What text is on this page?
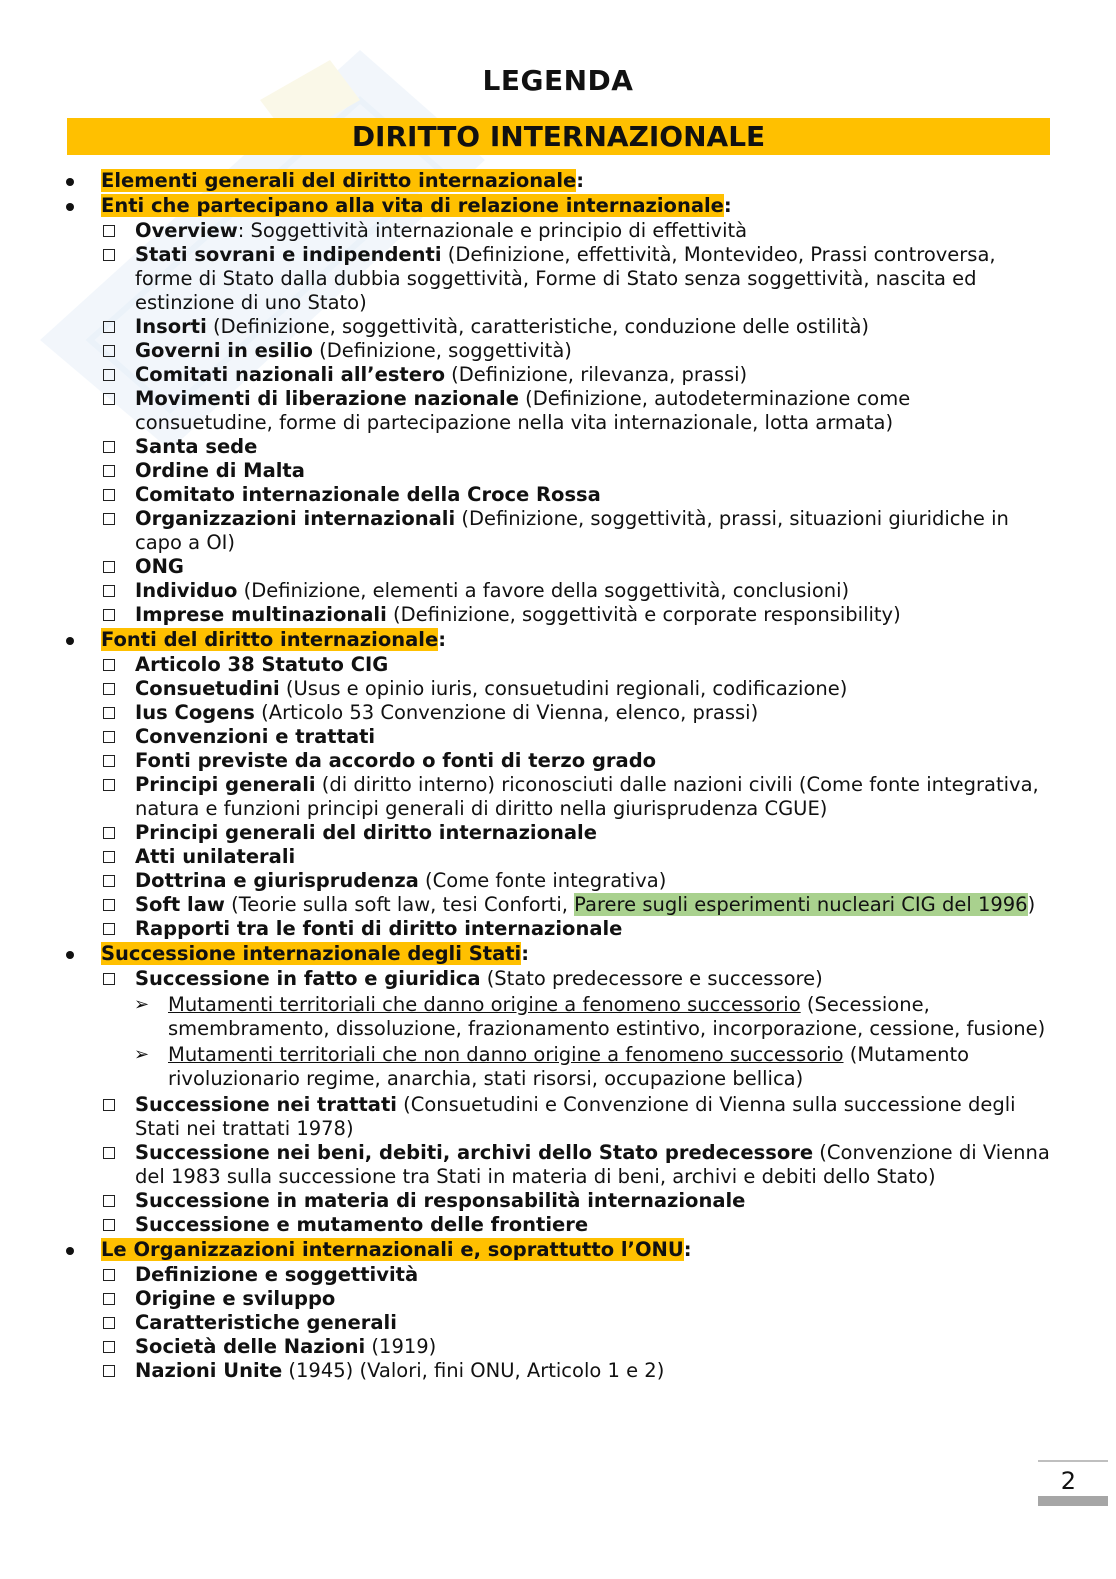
LEGENDA
DIRITTO INTERNAZIONALE
Elementi generali del diritto internazionale:
Enti che partecipano alla vita di relazione internazionale:
Overview: Soggettività internazionale e principio di effettività
Stati sovrani e indipendenti (Definizione, effettività, Montevideo, Prassi controversa, forme di Stato dalla dubbia soggettività, Forme di Stato senza soggettività, nascita ed estinzione di uno Stato)
Insorti (Definizione, soggettività, caratteristiche, conduzione delle ostilità)
Governi in esilio (Definizione, soggettività)
Comitati nazionali all’estero (Definizione, rilevanza, prassi)
Movimenti di liberazione nazionale (Definizione, autodeterminazione come consuetudine, forme di partecipazione nella vita internazionale, lotta armata)
Santa sede
Ordine di Malta
Comitato internazionale della Croce Rossa
Organizzazioni internazionali (Definizione, soggettività, prassi, situazioni giuridiche in capo a OI)
ONG
Individuo (Definizione, elementi a favore della soggettività, conclusioni)
Imprese multinazionali (Definizione, soggettività e corporate responsibility)
Fonti del diritto internazionale:
Articolo 38 Statuto CIG
Consuetudini (Usus e opinio iuris, consuetudini regionali, codificazione)
Ius Cogens (Articolo 53 Convenzione di Vienna, elenco, prassi)
Convenzioni e trattati
Fonti previste da accordo o fonti di terzo grado
Principi generali (di diritto interno) riconosciuti dalle nazioni civili (Come fonte integrativa, natura e funzioni principi generali di diritto nella giurisprudenza CGUE)
Principi generali del diritto internazionale
Atti unilaterali
Dottrina e giurisprudenza (Come fonte integrativa)
Soft law (Teorie sulla soft law, tesi Conforti, Parere sugli esperimenti nucleari CIG del 1996)
Rapporti tra le fonti di diritto internazionale
Successione internazionale degli Stati:
Successione in fatto e giuridica (Stato predecessore e successore)
➢ Mutamenti territoriali che danno origine a fenomeno successorio (Secessione, smembramento, dissoluzione, frazionamento estintivo, incorporazione, cessione, fusione)
➢ Mutamenti territoriali che non danno origine a fenomeno successorio (Mutamento rivoluzionario regime, anarchia, stati risorsi, occupazione bellica)
Successione nei trattati (Consuetudini e Convenzione di Vienna sulla successione degli Stati nei trattati 1978)
Successione nei beni, debiti, archivi dello Stato predecessore (Convenzione di Vienna del 1983 sulla successione tra Stati in materia di beni, archivi e debiti dello Stato)
Successione in materia di responsabilità internazionale
Successione e mutamento delle frontiere
Le Organizzazioni internazionali e, soprattutto l’ONU:
Definizione e soggettività
Origine e sviluppo
Caratteristiche generali
Società delle Nazioni (1919)
Nazioni Unite (1945) (Valori, fini ONU, Articolo 1 e 2)
2
